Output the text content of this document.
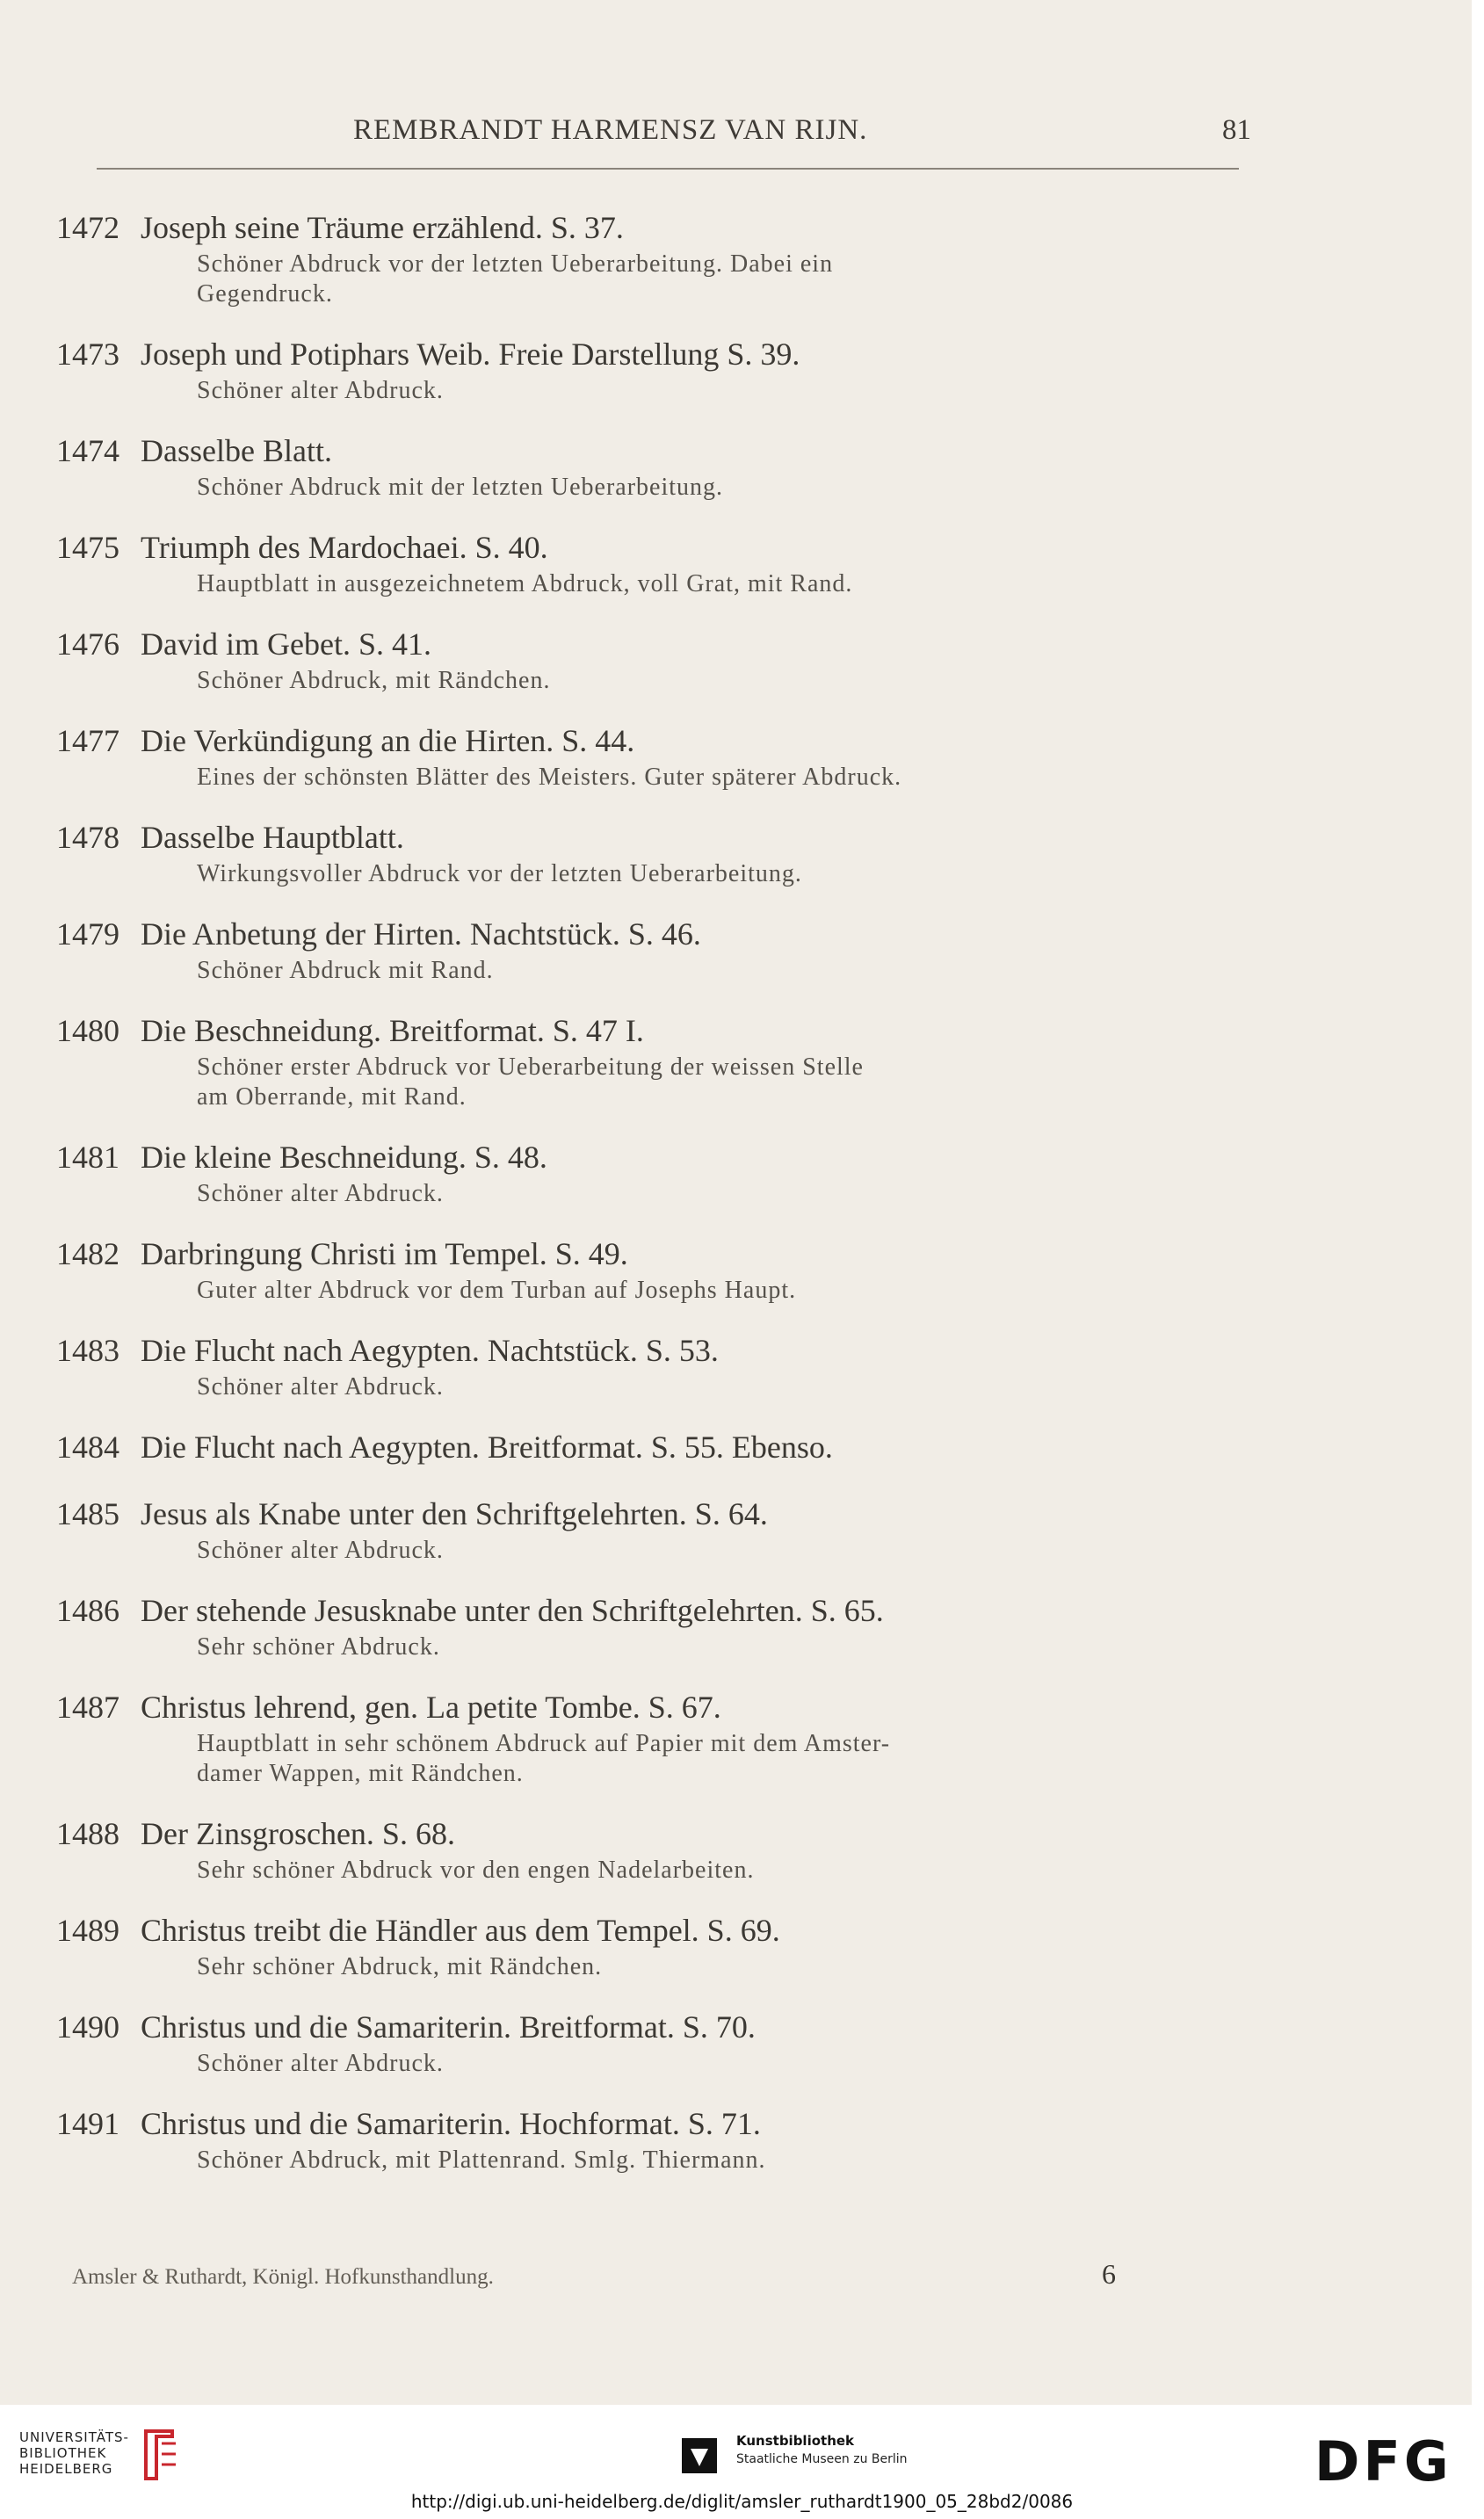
REMBRANDT HARMENSZ VAN RIJN.	81
1472 Joseph seine Träume erzählend. S. 37.
Schöner Abdruck vor der letzten Ueberarbeitung. Dabei ein
Gegendruck.
1473 Joseph und Potiphars Weib. Freie Darstellung S. 39.
Schöner alter Abdruck.
1474 Dasselbe Blatt.
Schöner Abdruck mit der letzten Ueberarbeitung.
1475 Triumph des Mardochaei. S. 40.
Hauptblatt in ausgezeichnetem Abdruck, voll Grat, mit Rand.
1476 David im Gebet. S. 41.
Schöner Abdruck, mit Rändchen.
1477 Die Verkündigung an die Hirten. S. 44.
Eines der schönsten Blätter des Meisters. Guter späterer Abdruck.
1478 Dasselbe Hauptblatt.
Wirkungsvoller Abdruck vor der letzten Ueberarbeitung.
1479 Die Anbetung der Hirten. Nachtstück. S. 46.
Schöner Abdruck mit Rand.
1480 Die Beschneidung. Breitformat. S. 47 I.
Schöner erster Abdruck vor Ueberarbeitung der weissen Stelle
am Oberrande, mit Rand.
1481 Die kleine Beschneidung. S. 48.
Schöner alter Abdruck.
1482 Darbringung Christi im Tempel. S. 49.
Guter alter Abdruck vor dem Turban auf Josephs Haupt.
1483 Die Flucht nach Aegypten. Nachtstück. S. 53.
Schöner alter Abdruck.
1484 Die Flucht nach Aegypten. Breitformat. S. 55. Ebenso.
1485 Jesus als Knabe unter den Schriftgelehrten. S. 64.
Schöner alter Abdruck.
1486 Der stehende Jesusknabe unter den Schriftgelehrten. S. 65.
Sehr schöner Abdruck.
1487 Christus lehrend, gen. La petite Tombe. S. 67.
Hauptblatt in sehr schönem Abdruck auf Papier mit dem Amster-
damer Wappen, mit Rändchen.
1488 Der Zinsgroschen. S. 68.
Sehr schöner Abdruck vor den engen Nadelarbeiten.
1489 Christus treibt die Händler aus dem Tempel. S. 69.
Sehr schöner Abdruck, mit Rändchen.
1490 Christus und die Samariterin. Breitformat. S. 70.
Schöner alter Abdruck.
1491 Christus und die Samariterin. Hochformat. S. 71.
Schöner Abdruck, mit Plattenrand. Smlg. Thiermann.
Amsler & Ruthardt, Königl. Hofkunsthandlung.	6
UNIVERSITÄTS-
BIBLIOTHEK
HEIDELBERG
Kunstbibliothek
Staatliche Museen zu Berlin	DFG
http://digi.ub.uni-heidelberg.de/diglit/amsler_ruthardt1900_05_28bd2/0086
